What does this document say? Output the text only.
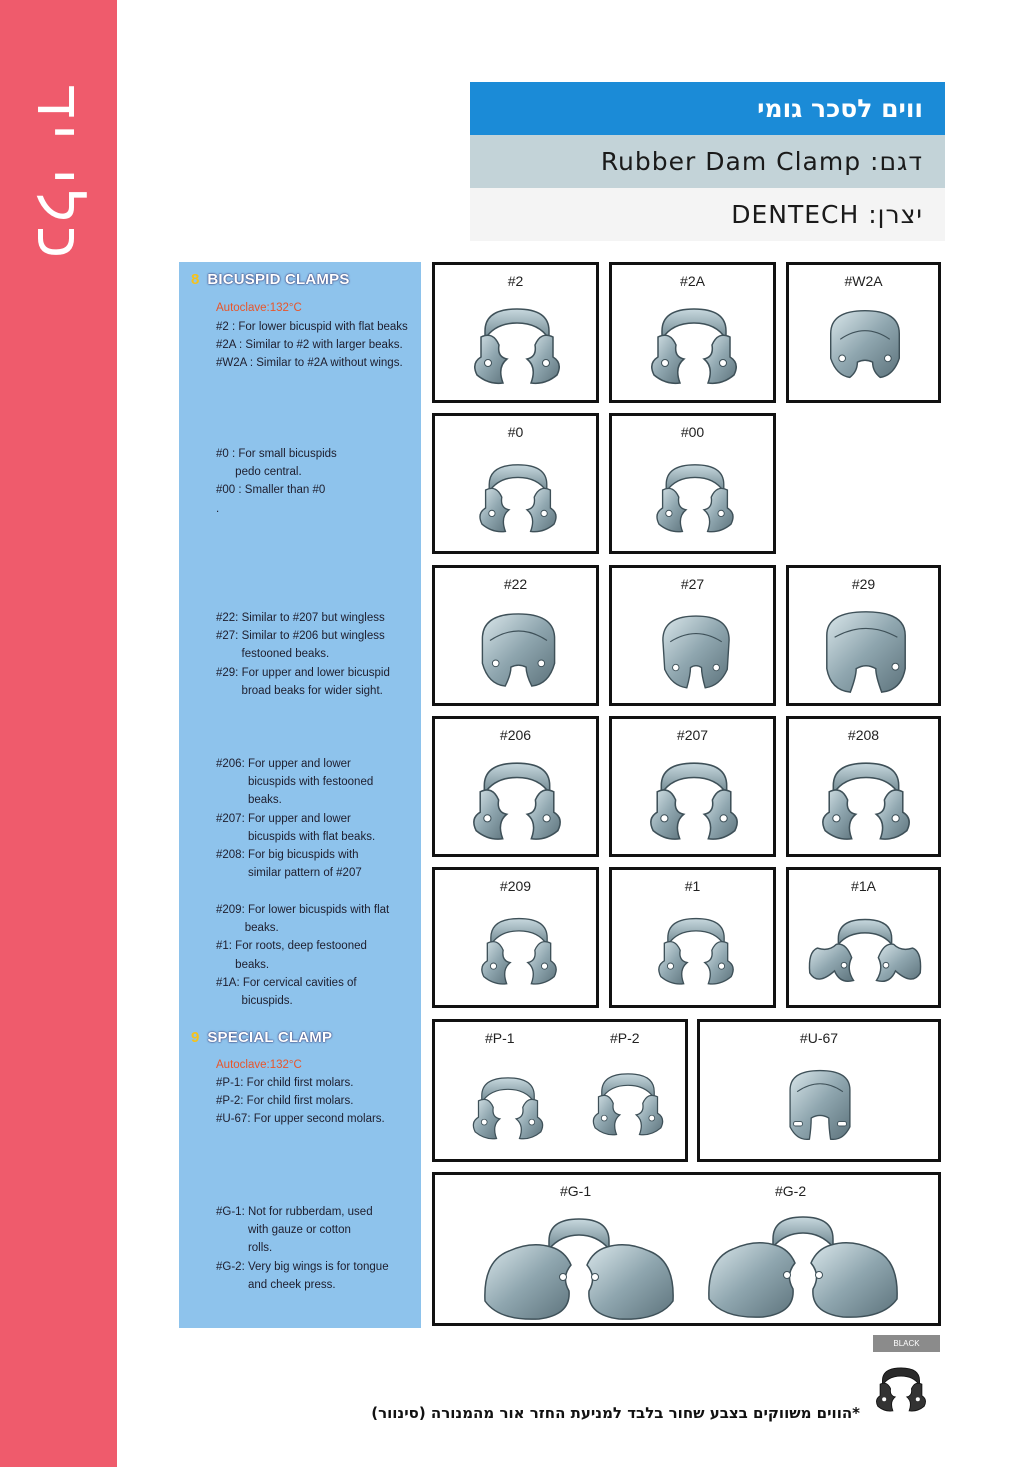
כלי יד	ווים לסכר גומי
דגם: Rubber Dam Clamp
יצרן: DENTECH
8 BICUSPID CLAMPS
Autoclave:132°C
#2 : For lower bicuspid with flat beaks
#2A : Similar to #2 with larger beaks.
#W2A : Similar to #2A without wings.
#0 : For small bicuspids
pedo central.
#00 : Smaller than #0
.
#22: Similar to #207 but wingless
#27: Similar to #206 but wingless
festooned beaks.
#29: For upper and lower bicuspid
broad beaks for wider sight.
#206: For upper and lower
bicuspids with festooned
beaks.
#207: For upper and lower
bicuspids with flat beaks.
#208: For big bicuspids with
similar pattern of #207
#209: For lower bicuspids with flat
beaks.
#1: For roots, deep festooned
beaks.
#1A: For cervical cavities of
bicuspids.
9 SPECIAL CLAMP
Autoclave:132°C
#P-1: For child first molars.
#P-2: For child first molars.
#U-67: For upper second molars.
#G-1: Not for rubberdam, used
with gauze or cotton
rolls.
#G-2: Very big wings is for tongue
and cheek press.
#2	#2A	#W2A
#0	#00
#22	#27	#29
#206	#207	#208
#209	#1	#1A
#P-1	#P-2	#U-67
#G-1	#G-2
BLACK
*הווים משווקים בצבע שחור בלבד למניעת החזר אור מהמנורה (סינוור)
